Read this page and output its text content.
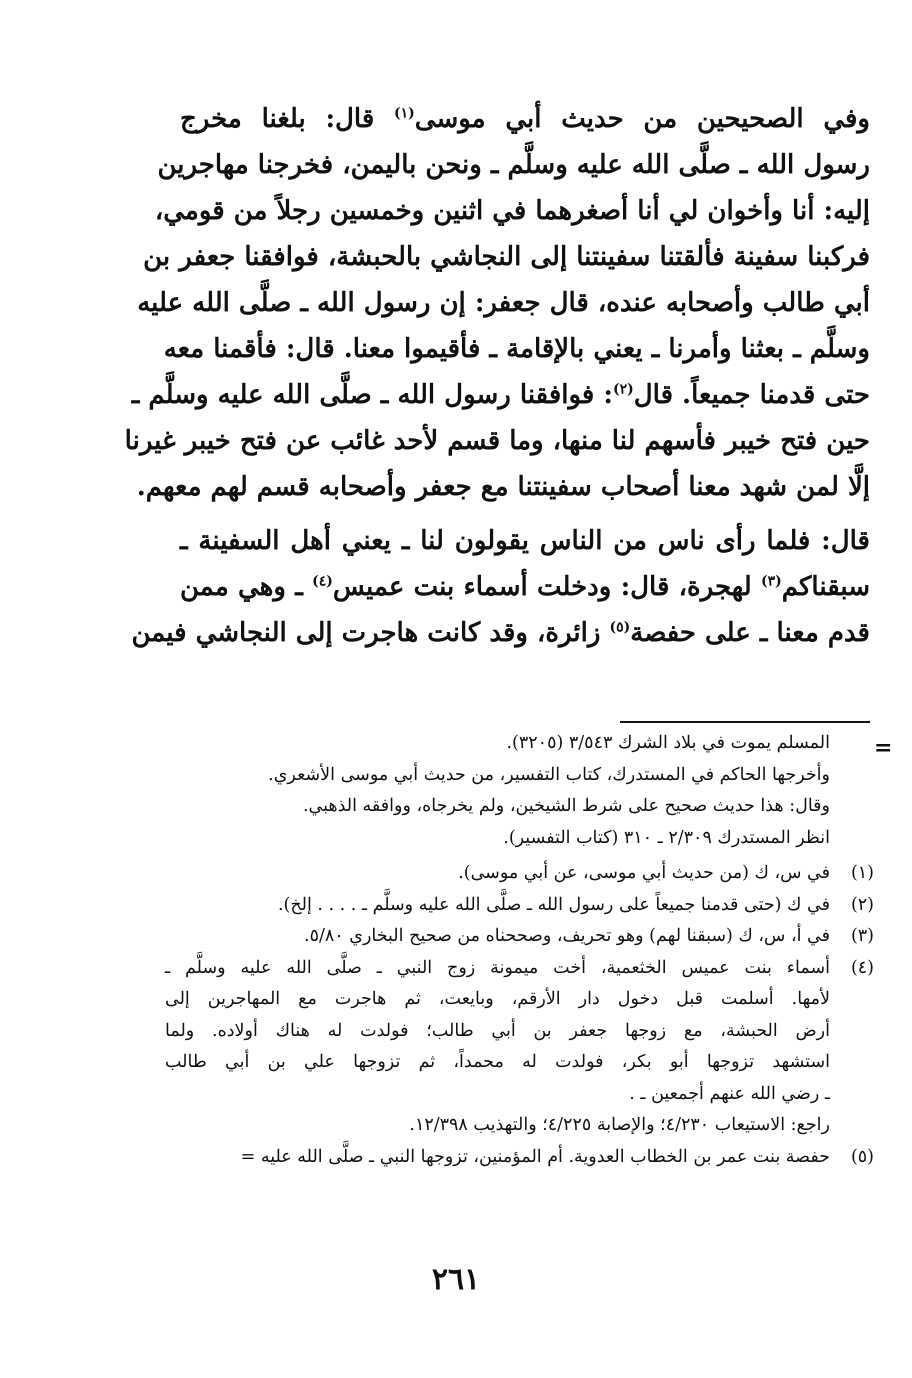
وفي الصحيحين من حديث أبي موسى$^{(١)}$ قال: بلغنا مخرج
رسول الله ـ صلَّى الله عليه وسلَّم ـ ونحن باليمن، فخرجنا مهاجرين
إليه: أنا وأخوان لي أنا أصغرهما في اثنين وخمسين رجلاً من قومي،
فركبنا سفينة فألقتنا سفينتنا إلى النجاشي بالحبشة، فوافقنا جعفر بن
أبي طالب وأصحابه عنده، قال جعفر: إن رسول الله ـ صلَّى الله عليه
وسلَّم ـ بعثنا وأمرنا ـ يعني بالإقامة ـ فأقيموا معنا. قال: فأقمنا معه
حتى قدمنا جميعاً. قال$^{(٢)}$: فوافقنا رسول الله ـ صلَّى الله عليه وسلَّم ـ
حين فتح خيبر فأسهم لنا منها، وما قسم لأحد غائب عن فتح خيبر غيرنا
إلَّا لمن شهد معنا أصحاب سفينتنا مع جعفر وأصحابه قسم لهم معهم.
قال: فلما رأى ناس من الناس يقولون لنا ـ يعني أهل السفينة ـ
سبقناكم$^{(٣)}$ لهجرة، قال: ودخلت أسماء بنت عميس$^{(٤)}$ ـ وهي ممن
قدم معنا ـ على حفصة$^{(٥)}$ زائرة، وقد كانت هاجرت إلى النجاشي فيمن
=
المسلم يموت في بلاد الشرك ٣/٥٤٣ (٣٢٠٥).
وأخرجها الحاكم في المستدرك، كتاب التفسير، من حديث أبي موسى الأشعري.
وقال: هذا حديث صحيح على شرط الشيخين، ولم يخرجاه، ووافقه الذهبي.
انظر المستدرك ٢/٣٠٩ ـ ٣١٠ (كتاب التفسير).
في س، ك (من حديث أبي موسى، عن أبي موسى).
في ك (حتى قدمنا جميعاً على رسول الله ـ صلَّى الله عليه وسلَّم ـ . . . . إلخ).
في أ، س، ك (سبقنا لهم) وهو تحريف، وصححناه من صحيح البخاري ٥/٨٠.
أسماء بنت عميس الخثعمية، أخت ميمونة زوج النبي ـ صلَّى الله عليه وسلَّم ـ
لأمها. أسلمت قبل دخول دار الأرقم، وبايعت، ثم هاجرت مع المهاجرين إلى
أرض الحبشة، مع زوجها جعفر بن أبي طالب؛ فولدت له هناك أولاده. ولما
استشهد تزوجها أبو بكر، فولدت له محمداً، ثم تزوجها علي بن أبي طالب
ـ رضي الله عنهم أجمعين ـ .
راجع: الاستيعاب ٤/٢٣٠؛ والإصابة ٤/٢٢٥؛ والتهذيب ١٢/٣٩٨.
حفصة بنت عمر بن الخطاب العدوية. أم المؤمنين، تزوجها النبي ـ صلَّى الله عليه =
٢٦١
(١)
(٢)
(٣)
(٤)
(٥)
